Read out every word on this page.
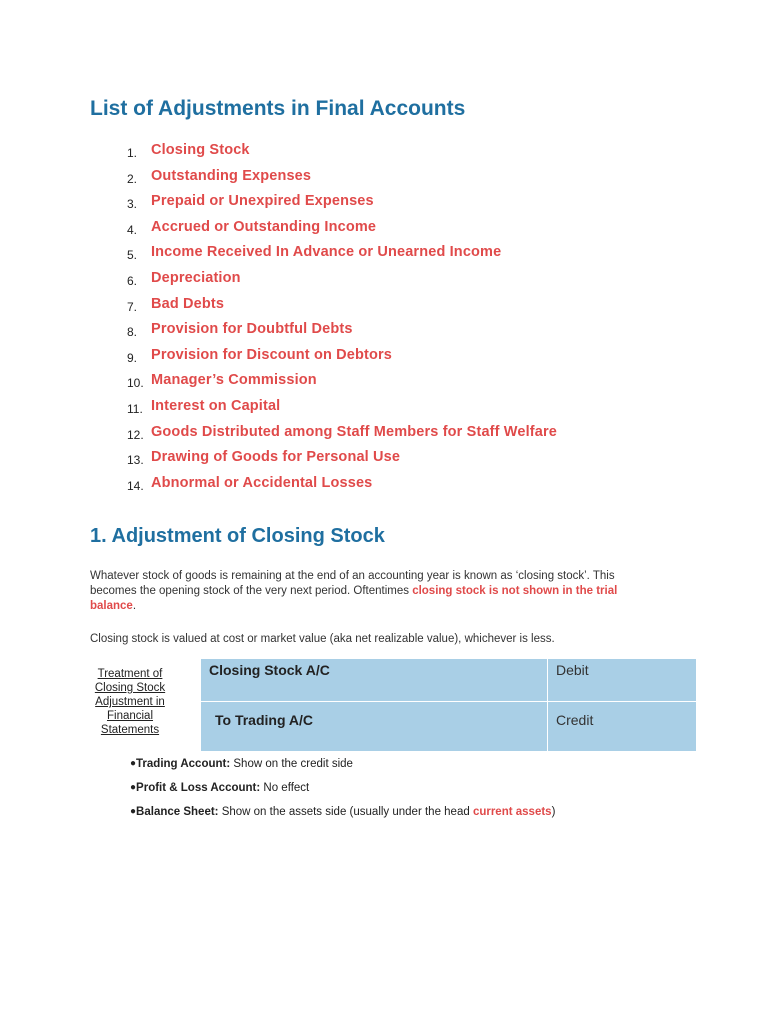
List of Adjustments in Final Accounts
1. Closing Stock
2. Outstanding Expenses
3. Prepaid or Unexpired Expenses
4. Accrued or Outstanding Income
5. Income Received In Advance or Unearned Income
6. Depreciation
7. Bad Debts
8. Provision for Doubtful Debts
9. Provision for Discount on Debtors
10. Manager’s Commission
11. Interest on Capital
12. Goods Distributed among Staff Members for Staff Welfare
13. Drawing of Goods for Personal Use
14. Abnormal or Accidental Losses
1. Adjustment of Closing Stock

Whatever stock of goods is remaining at the end of an accounting year is known as ‘closing stock’. This becomes the opening stock of the very next period. Oftentimes closing stock is not shown in the trial balance.

Closing stock is valued at cost or market value (aka net realizable value), whichever is less.

Treatment of Closing Stock Adjustment in Financial Statements
Closing Stock A/C	Debit
To Trading A/C	Credit
●Trading Account: Show on the credit side
●Profit & Loss Account: No effect
●Balance Sheet: Show on the assets side (usually under the head current assets)
